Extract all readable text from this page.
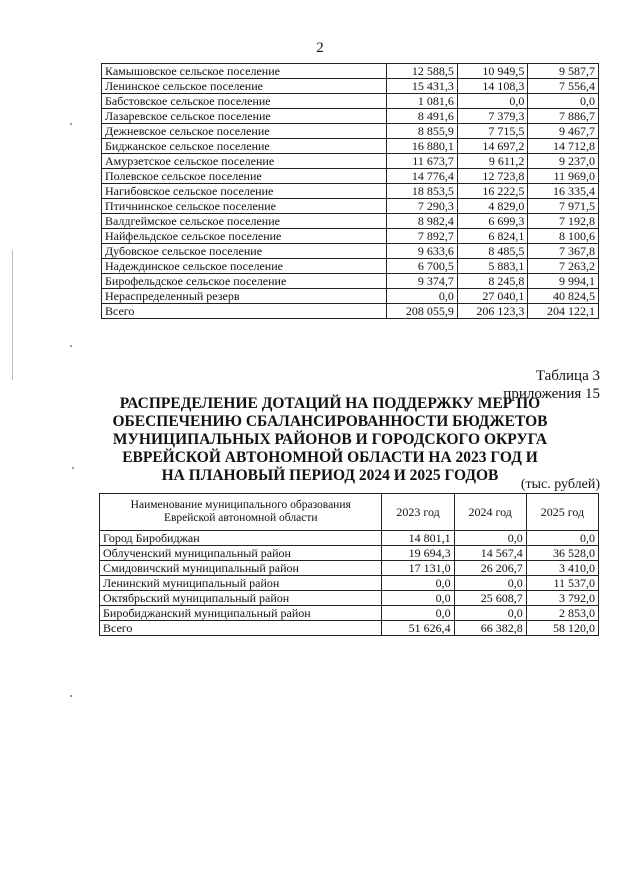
2
Камышовское сельское поселение	12 588,5	10 949,5	9 587,7
Ленинское сельское поселение	15 431,3	14 108,3	7 556,4
Бабстовское сельское поселение	1 081,6	0,0	0,0
Лазаревское сельское поселение	8 491,6	7 379,3	7 886,7
Дежневское сельское поселение	8 855,9	7 715,5	9 467,7
Биджанское сельское поселение	16 880,1	14 697,2	14 712,8
Амурзетское сельское поселение	11 673,7	9 611,2	9 237,0
Полевское сельское поселение	14 776,4	12 723,8	11 969,0
Нагибовское сельское поселение	18 853,5	16 222,5	16 335,4
Птичнинское сельское поселение	7 290,3	4 829,0	7 971,5
Валдгеймское сельское поселение	8 982,4	6 699,3	7 192,8
Найфельдское сельское поселение	7 892,7	6 824,1	8 100,6
Дубовское сельское поселение	9 633,6	8 485,5	7 367,8
Надеждинское сельское поселение	6 700,5	5 883,1	7 263,2
Бирофельдское сельское поселение	9 374,7	8 245,8	9 994,1
Нераспределенный резерв	0,0	27 040,1	40 824,5
Всего	208 055,9	206 123,3	204 122,1
Таблица 3
приложения 15
РАСПРЕДЕЛЕНИЕ ДОТАЦИЙ НА ПОДДЕРЖКУ МЕР ПО
ОБЕСПЕЧЕНИЮ СБАЛАНСИРОВАННОСТИ БЮДЖЕТОВ
МУНИЦИПАЛЬНЫХ РАЙОНОВ И ГОРОДСКОГО ОКРУГА
ЕВРЕЙСКОЙ АВТОНОМНОЙ ОБЛАСТИ НА 2023 ГОД И
НА ПЛАНОВЫЙ ПЕРИОД 2024 И 2025 ГОДОВ
(тыс. рублей)
Наименование муниципального образования
Еврейской автономной области	2023 год	2024 год	2025 год
Город Биробиджан	14 801,1	0,0	0,0
Облученский муниципальный район	19 694,3	14 567,4	36 528,0
Смидовичский муниципальный район	17 131,0	26 206,7	3 410,0
Ленинский муниципальный район	0,0	0,0	11 537,0
Октябрьский муниципальный район	0,0	25 608,7	3 792,0
Биробиджанский муниципальный район	0,0	0,0	2 853,0
Всего	51 626,4	66 382,8	58 120,0
